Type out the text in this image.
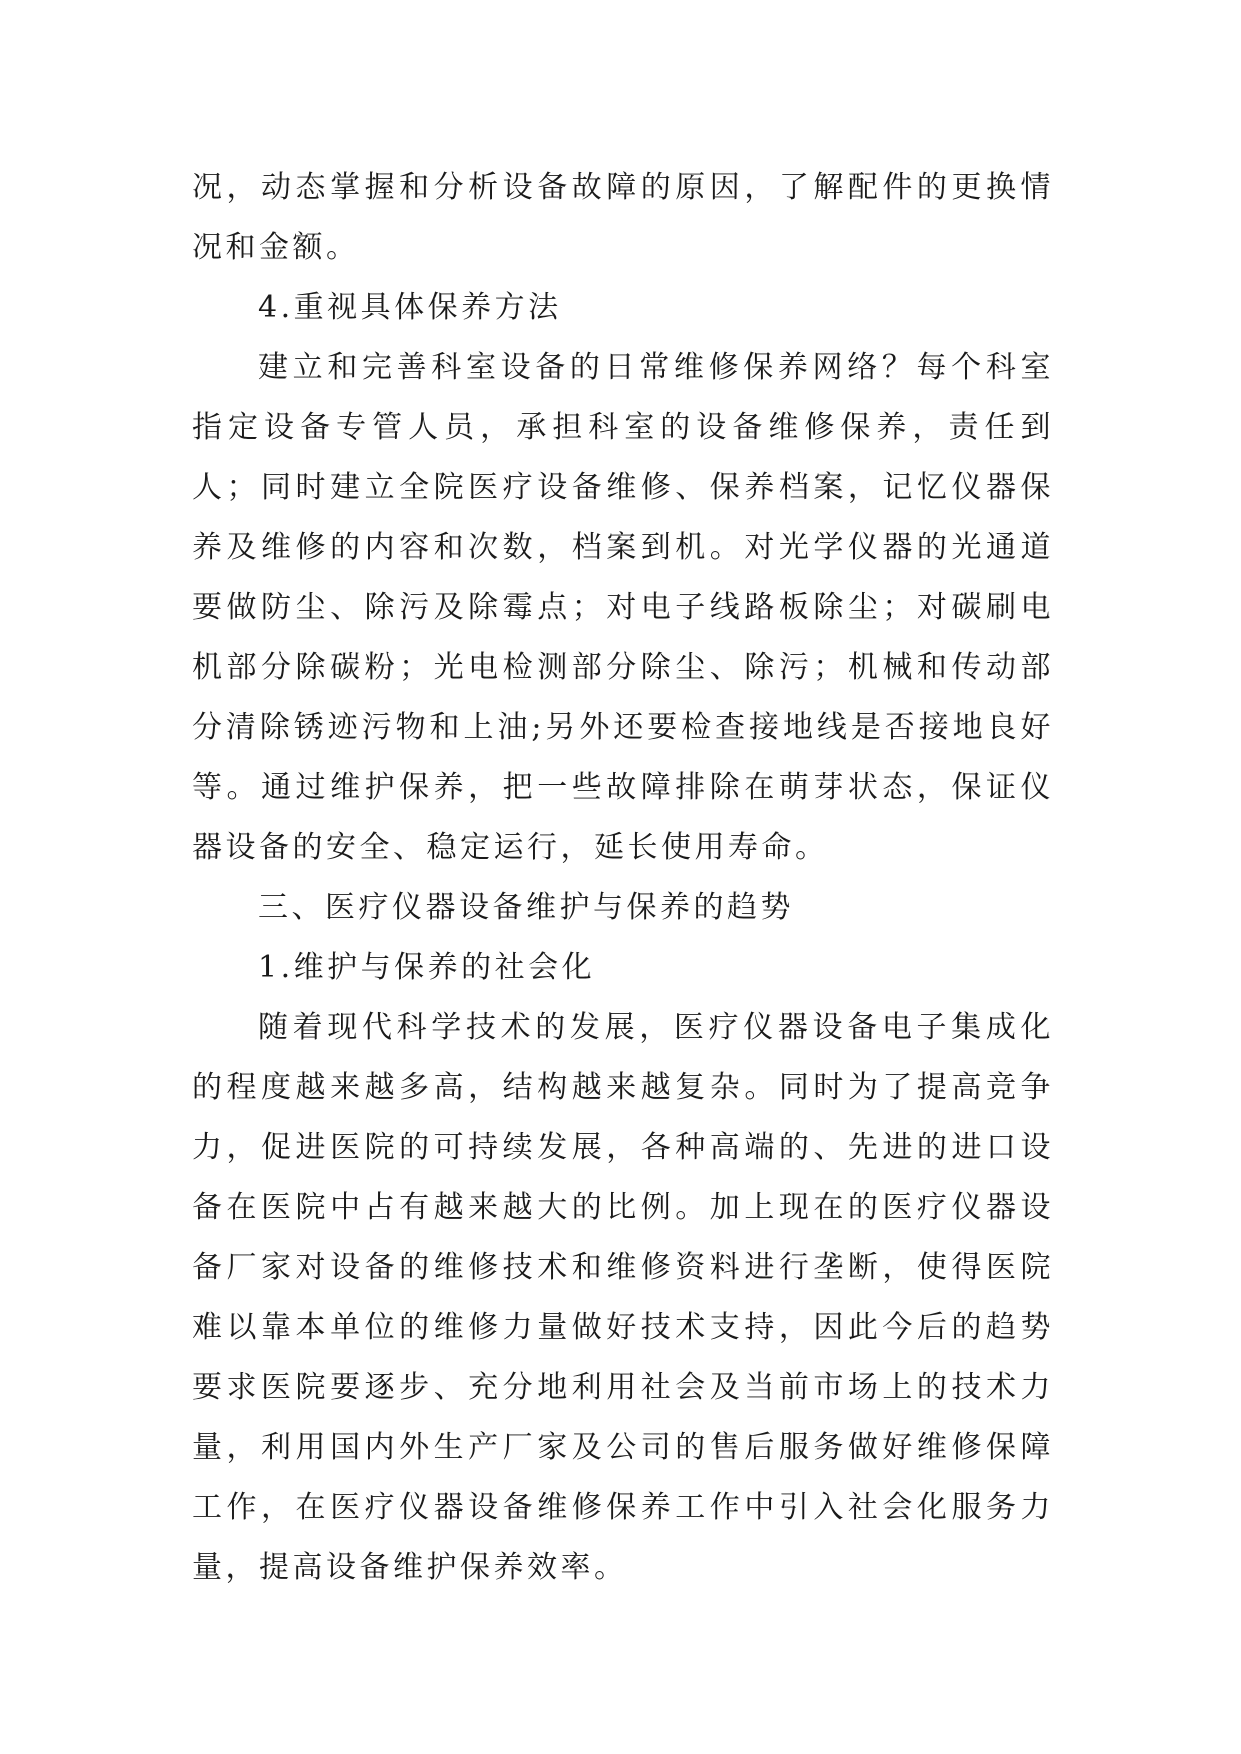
况，动态掌握和分析设备故障的原因，了解配件的更换情况和金额。

4.重视具体保养方法

建立和完善科室设备的日常维修保养网络？每个科室指定设备专管人员，承担科室的设备维修保养，责任到人；同时建立全院医疗设备维修、保养档案，记忆仪器保养及维修的内容和次数，档案到机。对光学仪器的光通道要做防尘、除污及除霉点；对电子线路板除尘；对碳刷电机部分除碳粉；光电检测部分除尘、除污；机械和传动部分清除锈迹污物和上油;另外还要检查接地线是否接地良好等。通过维护保养，把一些故障排除在萌芽状态，保证仪器设备的安全、稳定运行，延长使用寿命。

三、医疗仪器设备维护与保养的趋势

1.维护与保养的社会化

随着现代科学技术的发展，医疗仪器设备电子集成化的程度越来越多高，结构越来越复杂。同时为了提高竞争力，促进医院的可持续发展，各种高端的、先进的进口设备在医院中占有越来越大的比例。加上现在的医疗仪器设备厂家对设备的维修技术和维修资料进行垄断，使得医院难以靠本单位的维修力量做好技术支持，因此今后的趋势要求医院要逐步、充分地利用社会及当前市场上的技术力量，利用国内外生产厂家及公司的售后服务做好维修保障工作，在医疗仪器设备维修保养工作中引入社会化服务力量，提高设备维护保养效率。
